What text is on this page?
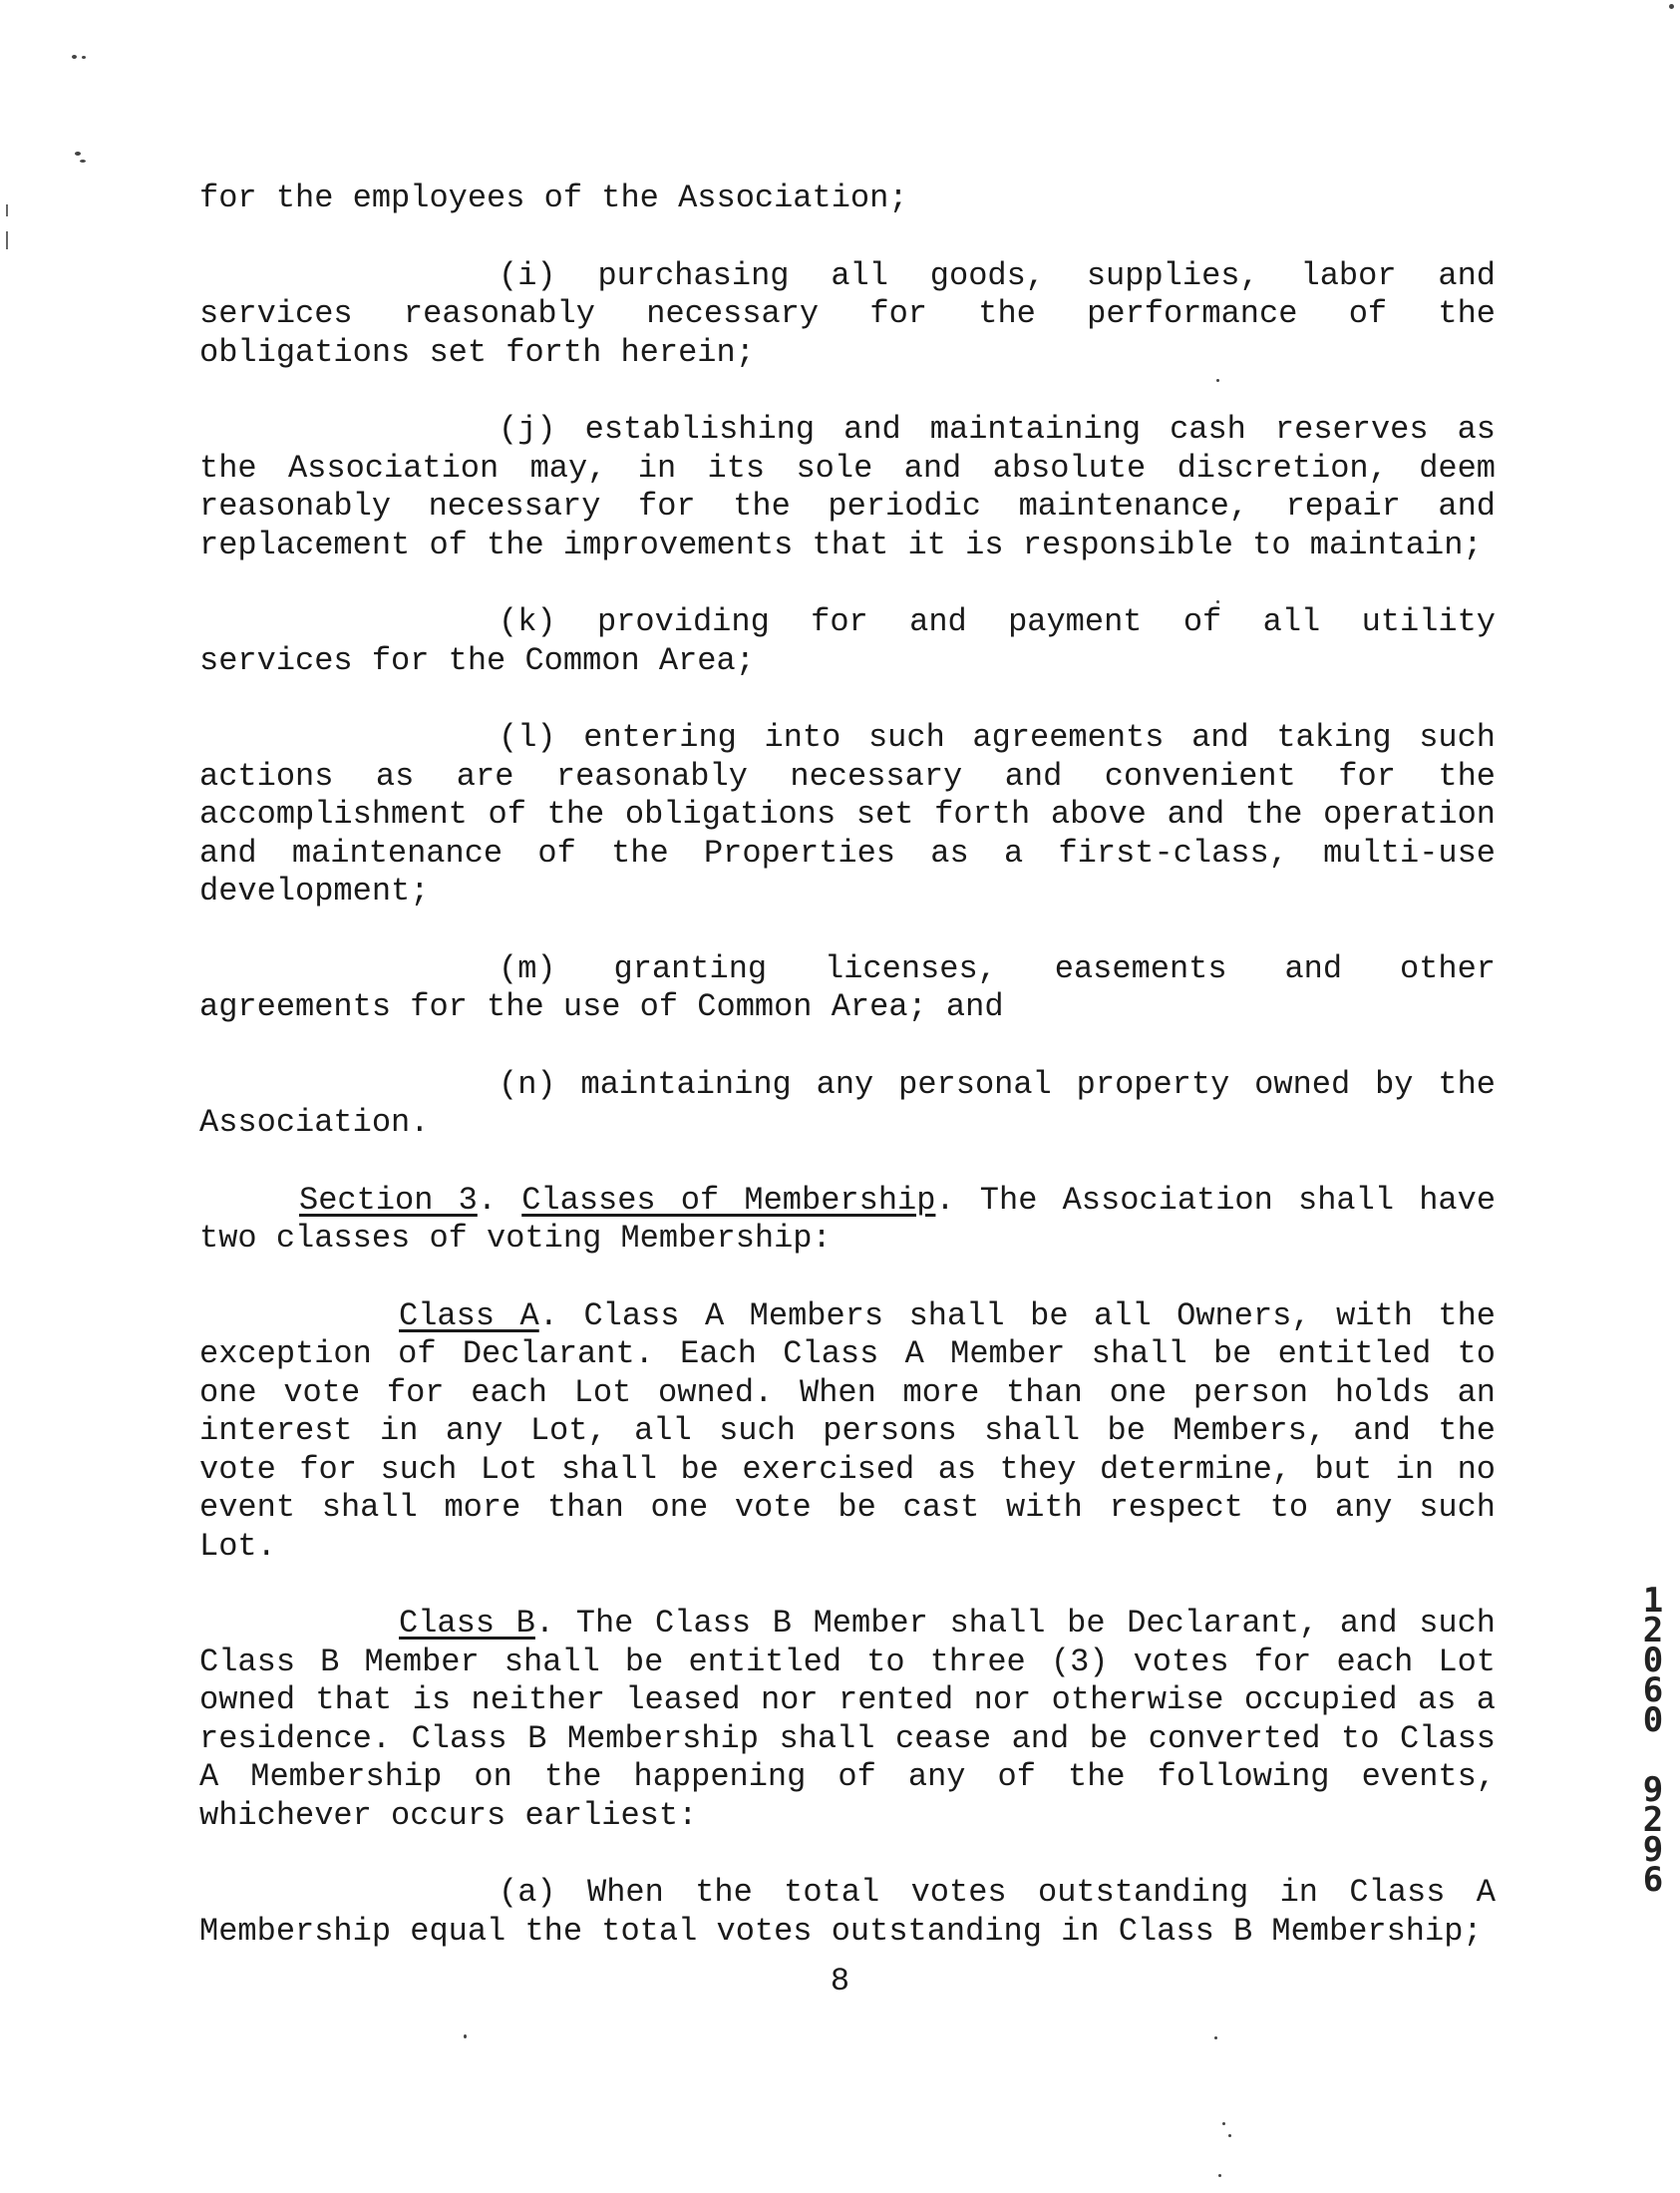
for the employees of the Association;

(i) purchasing all goods, supplies, labor and services reasonably necessary for the performance of the obligations set forth herein;

(j) establishing and maintaining cash reserves as the Association may, in its sole and absolute discretion, deem reasonably necessary for the periodic maintenance, repair and replacement of the improvements that it is responsible to maintain;

(k) providing for and payment of all utility services for the Common Area;

(l) entering into such agreements and taking such actions as are reasonably necessary and convenient for the accomplishment of the obligations set forth above and the operation and maintenance of the Properties as a first-class, multi-use development;

(m) granting licenses, easements and other agreements for the use of Common Area; and

(n) maintaining any personal property owned by the Association.

Section 3. Classes of Membership. The Association shall have two classes of voting Membership:

Class A. Class A Members shall be all Owners, with the exception of Declarant. Each Class A Member shall be entitled to one vote for each Lot owned. When more than one person holds an interest in any Lot, all such persons shall be Members, and the vote for such Lot shall be exercised as they determine, but in no event shall more than one vote be cast with respect to any such Lot.

Class B. The Class B Member shall be Declarant, and such Class B Member shall be entitled to three (3) votes for each Lot owned that is neither leased nor rented nor otherwise occupied as a residence. Class B Membership shall cease and be converted to Class A Membership on the happening of any of the following events, whichever occurs earliest:

(a) When the total votes outstanding in Class A Membership equal the total votes outstanding in Class B Membership;

8
1
2
0
6
0
9
2
9
6
